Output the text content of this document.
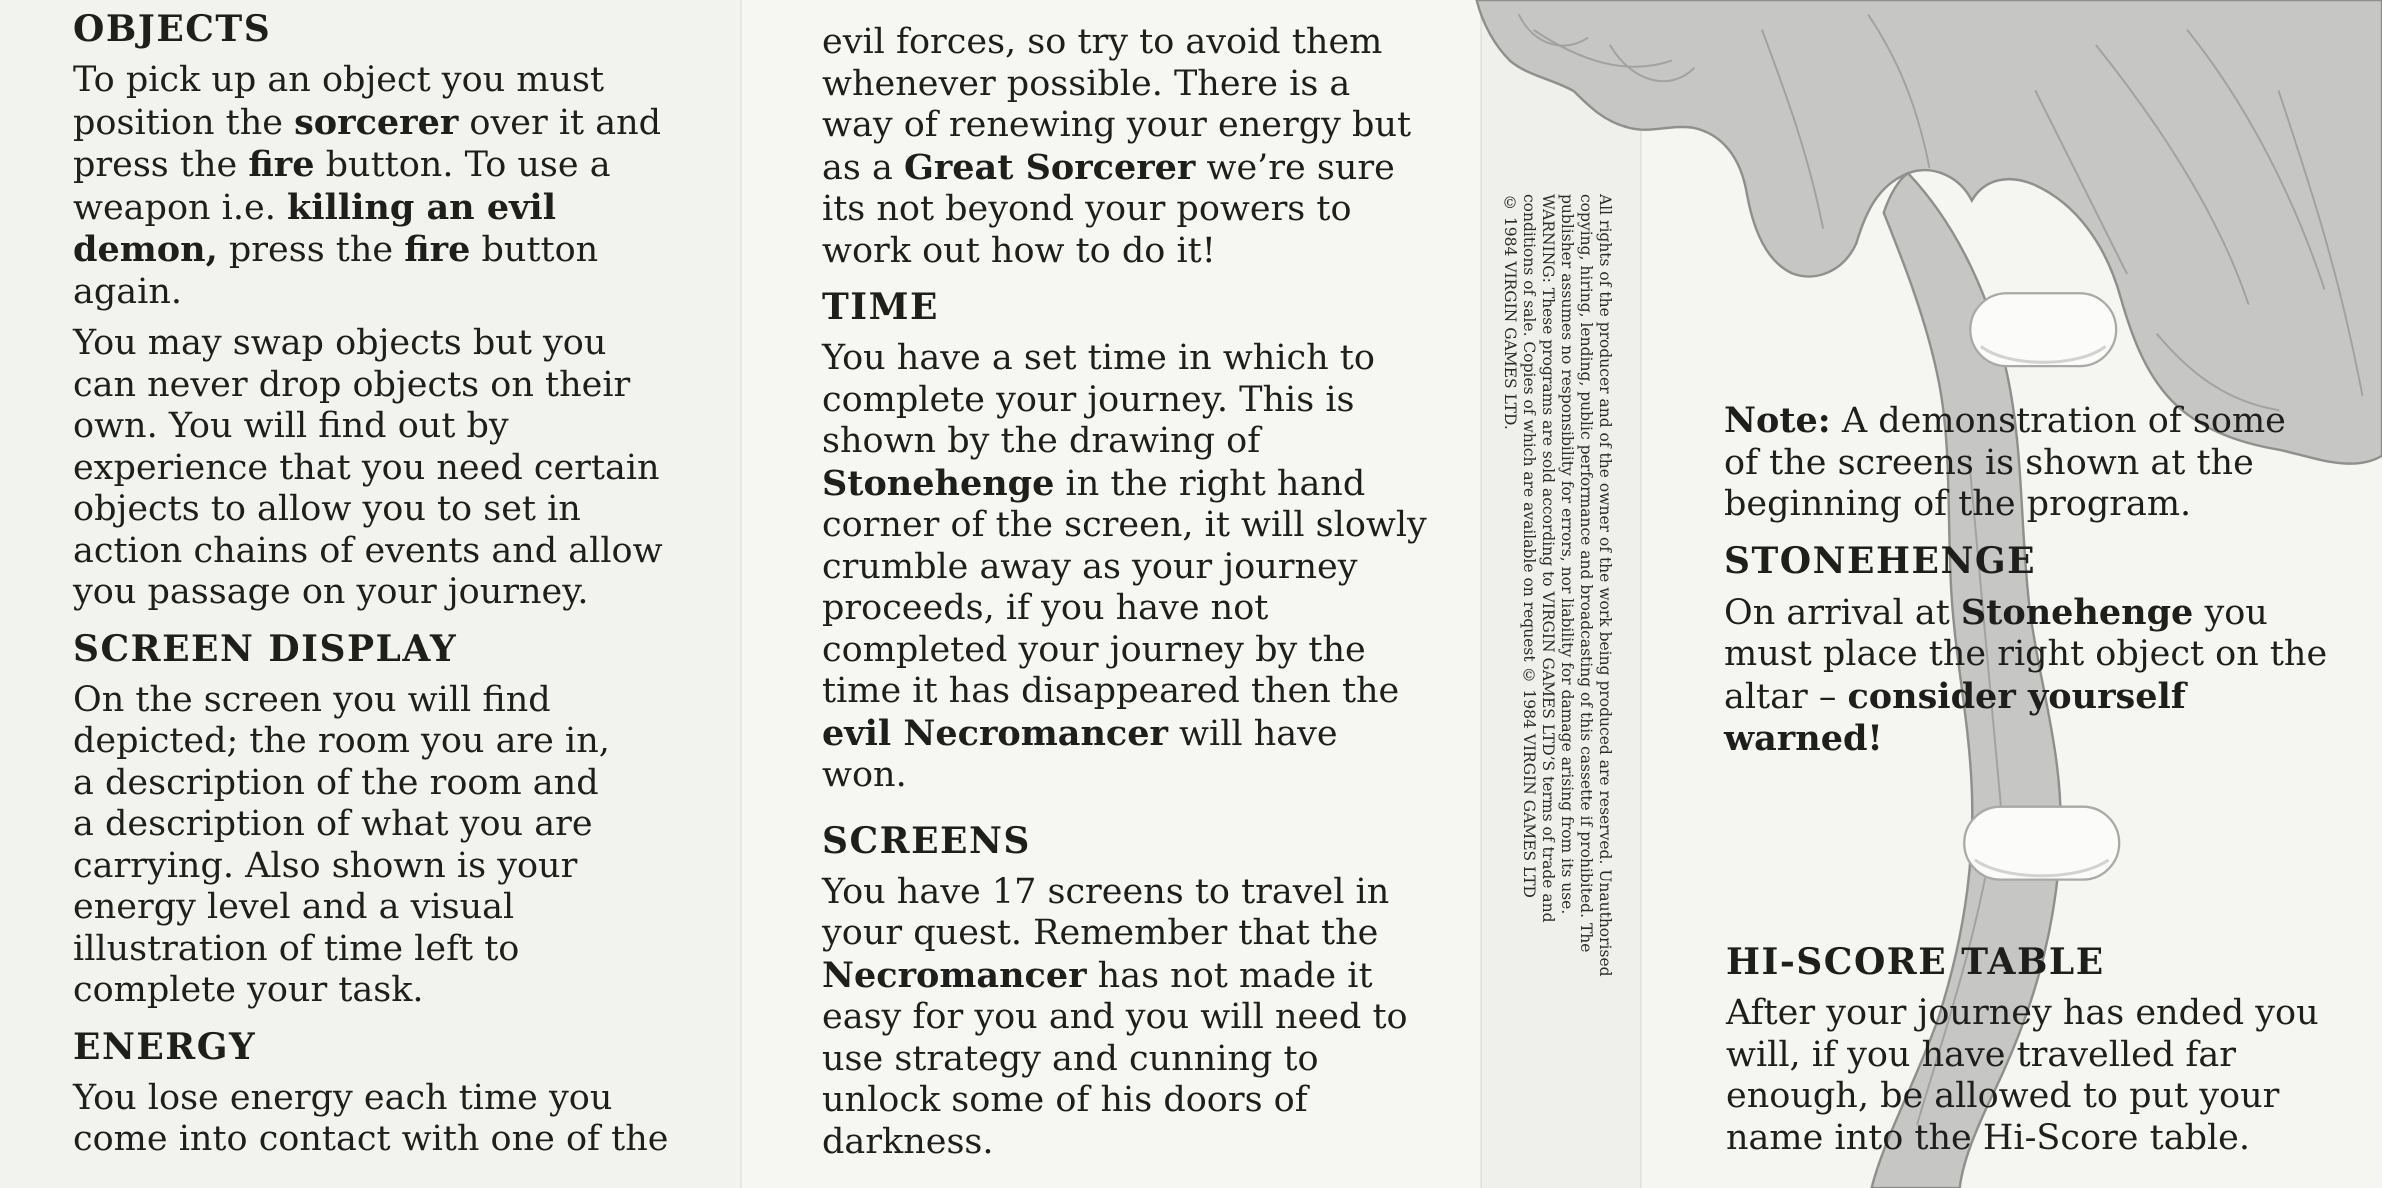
OBJECTS
To pick up an object you must
position the sorcerer over it and
press the fire button. To use a
weapon i.e. killing an evil
demon, press the fire button
again.
You may swap objects but you
can never drop objects on their
own. You will find out by
experience that you need certain
objects to allow you to set in
action chains of events and allow
you passage on your journey.
SCREEN DISPLAY
On the screen you will find
depicted; the room you are in,
a description of the room and
a description of what you are
carrying. Also shown is your
energy level and a visual
illustration of time left to
complete your task.
ENERGY
You lose energy each time you
come into contact with one of the
evil forces, so try to avoid them
whenever possible. There is a
way of renewing your energy but
as a Great Sorcerer we’re sure
its not beyond your powers to
work out how to do it!
TIME
You have a set time in which to
complete your journey. This is
shown by the drawing of
Stonehenge in the right hand
corner of the screen, it will slowly
crumble away as your journey
proceeds, if you have not
completed your journey by the
time it has disappeared then the
evil Necromancer will have
won.
SCREENS
You have 17 screens to travel in
your quest. Remember that the
Necromancer has not made it
easy for you and you will need to
use strategy and cunning to
unlock some of his doors of
darkness.
All rights of the producer and of the owner of the work being produced are reserved. Unauthorised
copying, hiring, lending, public performance and broadcasting of this cassette if prohibited. The
publisher assumes no responsibility for errors, nor liability for damage arising from its use.
WARNING: These programs are sold according to VIRGIN GAMES LTD’S terms of trade and
conditions of sale. Copies of which are available on request © 1984 VIRGIN GAMES LTD
© 1984 VIRGIN GAMES LTD.	Note: A demonstration of some
of the screens is shown at the
beginning of the program.
STONEHENGE
On arrival at Stonehenge you
must place the right object on the
altar – consider yourself
warned!
HI-SCORE TABLE
After your journey has ended you
will, if you have travelled far
enough, be allowed to put your
name into the Hi-Score table.
